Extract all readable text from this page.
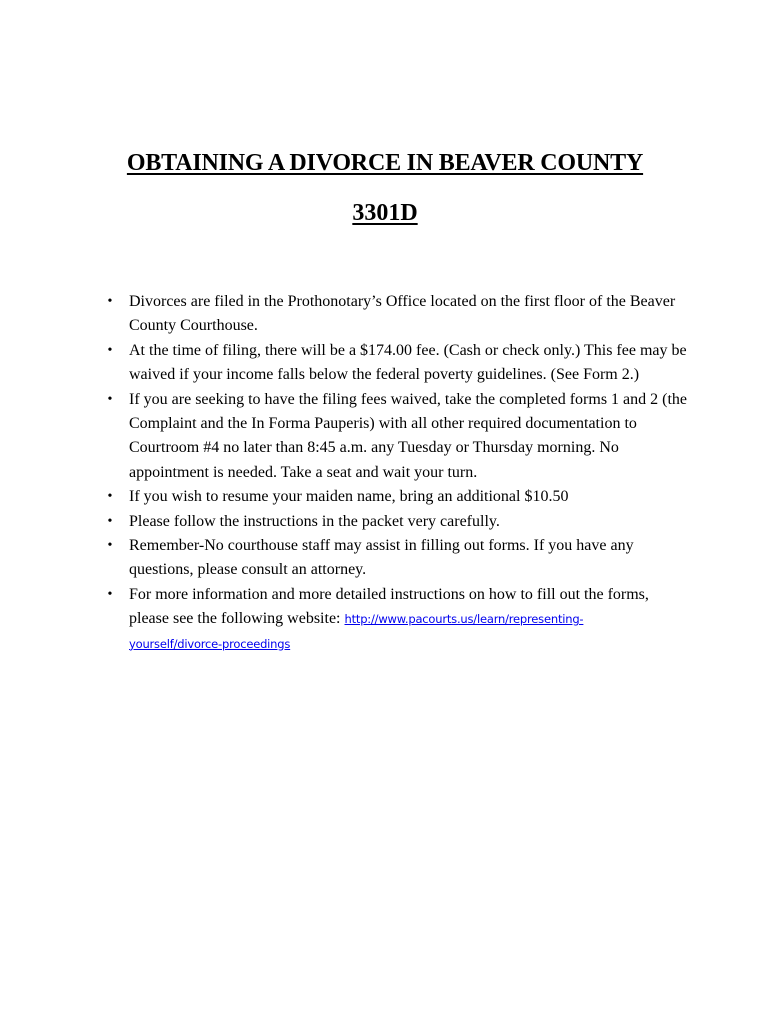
OBTAINING A DIVORCE IN BEAVER COUNTY
3301D
• Divorces are filed in the Prothonotary’s Office located on the first floor of the Beaver County Courthouse.
• At the time of filing, there will be a $174.00 fee. (Cash or check only.) This fee may be waived if your income falls below the federal poverty guidelines. (See Form 2.)
• If you are seeking to have the filing fees waived, take the completed forms 1 and 2 (the Complaint and the In Forma Pauperis) with all other required documentation to Courtroom #4 no later than 8:45 a.m. any Tuesday or Thursday morning. No appointment is needed. Take a seat and wait your turn.
• If you wish to resume your maiden name, bring an additional $10.50
• Please follow the instructions in the packet very carefully.
• Remember-No courthouse staff may assist in filling out forms. If you have any questions, please consult an attorney.
• For more information and more detailed instructions on how to fill out the forms, please see the following website: http://www.pacourts.us/learn/representing-
yourself/divorce-proceedings
